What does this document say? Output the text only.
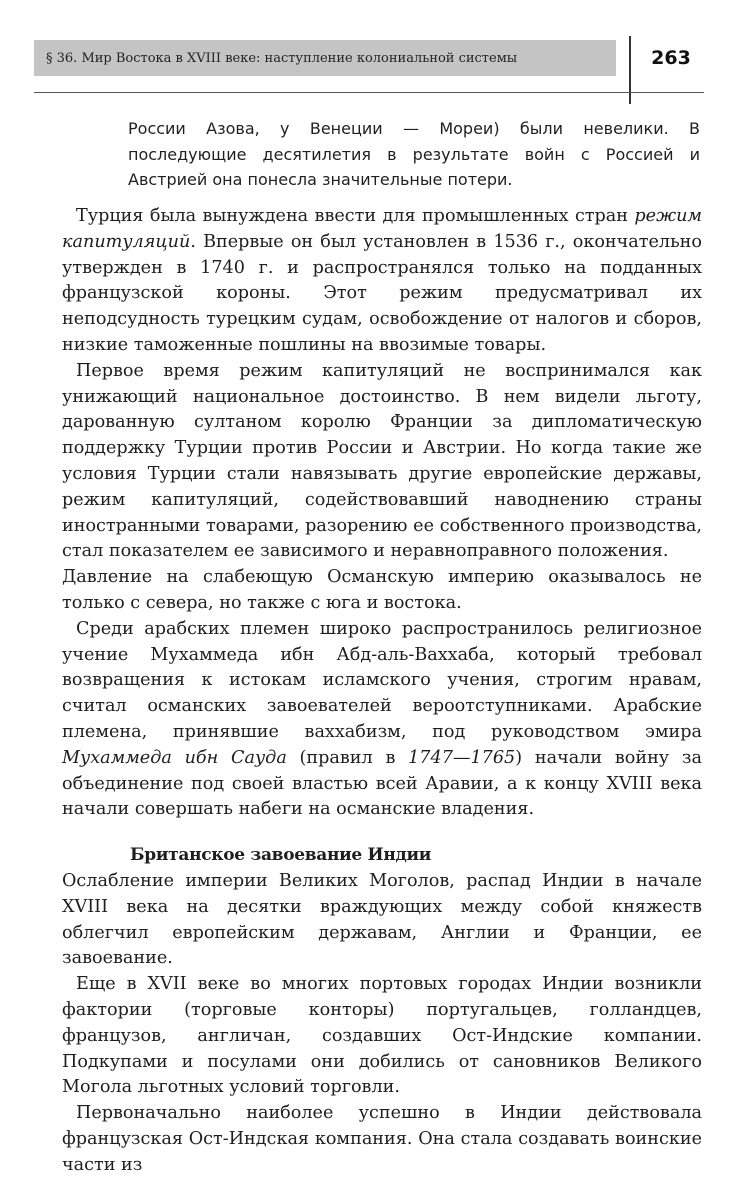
§ 36. Мир Востока в XVIII веке: наступление колониальной системы	263

России Азова, у Венеции — Мореи) были невелики. В последующие десятилетия в результате войн с Россией и Австрией она понесла значительные потери.

Турция была вынуждена ввести для промышленных стран режим капитуляций. Впервые он был установлен в 1536 г., окончательно утвержден в 1740 г. и распространялся только на подданных французской короны. Этот режим предусматривал их неподсудность турецким судам, освобождение от налогов и сборов, низкие таможенные пошлины на ввозимые товары.

Первое время режим капитуляций не воспринимался как унижающий национальное достоинство. В нем видели льготу, дарованную султаном королю Франции за дипломатическую поддержку Турции против России и Австрии. Но когда такие же условия Турции стали навязывать другие европейские державы, режим капитуляций, содействовавший наводнению страны иностранными товарами, разорению ее собственного производства, стал показателем ее зависимого и неравноправного положения.

Давление на слабеющую Османскую империю оказывалось не только с севера, но также с юга и востока.

Среди арабских племен широко распространилось религиозное учение Мухаммеда ибн Абд-аль-Ваххаба, который требовал возвращения к истокам исламского учения, строгим нравам, считал османских завоевателей вероотступниками. Арабские племена, принявшие ваххабизм, под руководством эмира Мухаммеда ибн Сауда (правил в 1747—1765) начали войну за объединение под своей властью всей Аравии, а к концу XVIII века начали совершать набеги на османские владения.

Британское завоевание Индии

Ослабление империи Великих Моголов, распад Индии в начале XVIII века на десятки враждующих между собой княжеств облегчил европейским державам, Англии и Франции, ее завоевание.

Еще в XVII веке во многих портовых городах Индии возникли фактории (торговые конторы) португальцев, голландцев, французов, англичан, создавших Ост-Индские компании. Подкупами и посулами они добились от сановников Великого Могола льготных условий торговли.

Первоначально наиболее успешно в Индии действовала французская Ост-Индская компания. Она стала создавать воинские части из
